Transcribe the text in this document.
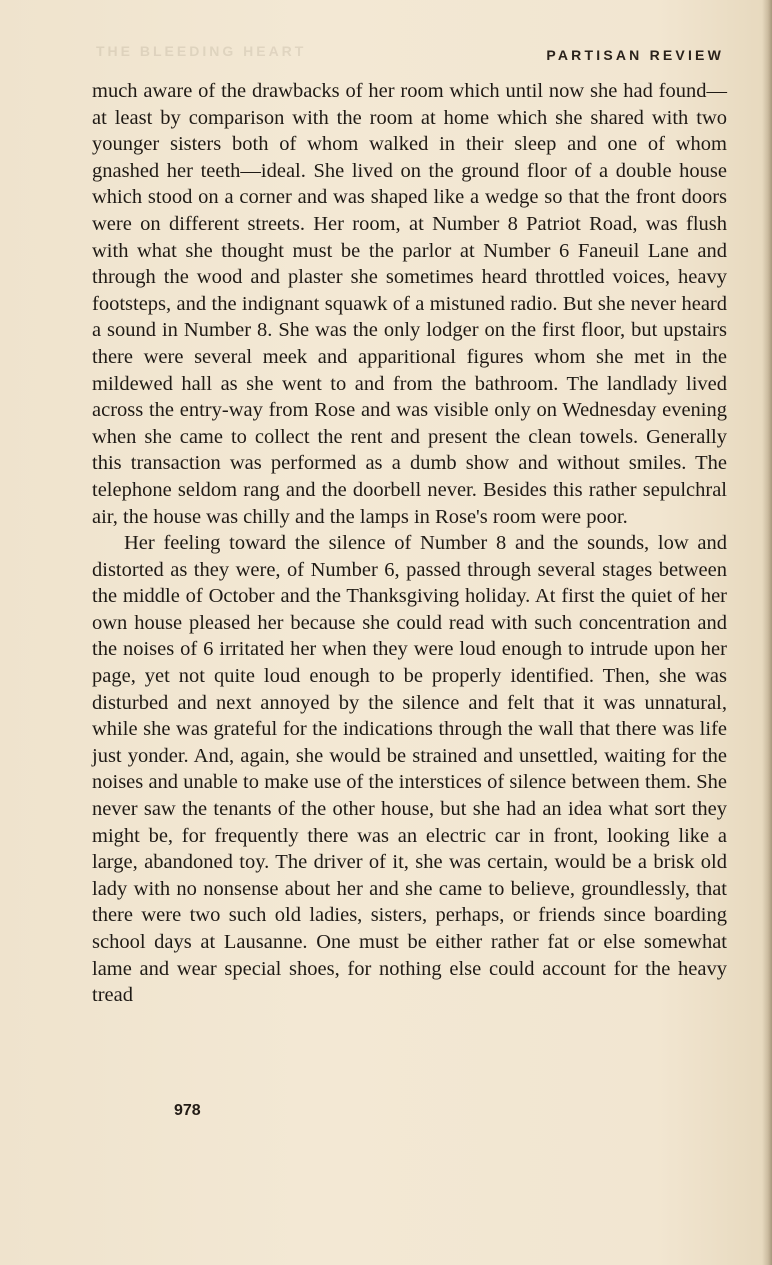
THE BLEEDING HEART	PARTISAN REVIEW

much aware of the drawbacks of her room which until now she had found—at least by comparison with the room at home which she shared with two younger sisters both of whom walked in their sleep and one of whom gnashed her teeth—ideal. She lived on the ground floor of a double house which stood on a corner and was shaped like a wedge so that the front doors were on different streets. Her room, at Number 8 Patriot Road, was flush with what she thought must be the parlor at Number 6 Faneuil Lane and through the wood and plaster she sometimes heard throttled voices, heavy footsteps, and the indignant squawk of a mistuned radio. But she never heard a sound in Number 8. She was the only lodger on the first floor, but upstairs there were several meek and apparitional figures whom she met in the mildewed hall as she went to and from the bathroom. The landlady lived across the entry-way from Rose and was visible only on Wednesday evening when she came to collect the rent and present the clean towels. Generally this transaction was performed as a dumb show and without smiles. The telephone seldom rang and the doorbell never. Besides this rather sepulchral air, the house was chilly and the lamps in Rose's room were poor.

Her feeling toward the silence of Number 8 and the sounds, low and distorted as they were, of Number 6, passed through several stages between the middle of October and the Thanksgiving holiday. At first the quiet of her own house pleased her because she could read with such concentration and the noises of 6 irritated her when they were loud enough to intrude upon her page, yet not quite loud enough to be properly identified. Then, she was disturbed and next annoyed by the silence and felt that it was unnatural, while she was grateful for the indications through the wall that there was life just yonder. And, again, she would be strained and unsettled, waiting for the noises and unable to make use of the interstices of silence between them. She never saw the tenants of the other house, but she had an idea what sort they might be, for frequently there was an electric car in front, looking like a large, abandoned toy. The driver of it, she was certain, would be a brisk old lady with no nonsense about her and she came to believe, groundlessly, that there were two such old ladies, sisters, perhaps, or friends since boarding school days at Lausanne. One must be either rather fat or else somewhat lame and wear special shoes, for nothing else could account for the heavy tread

978
